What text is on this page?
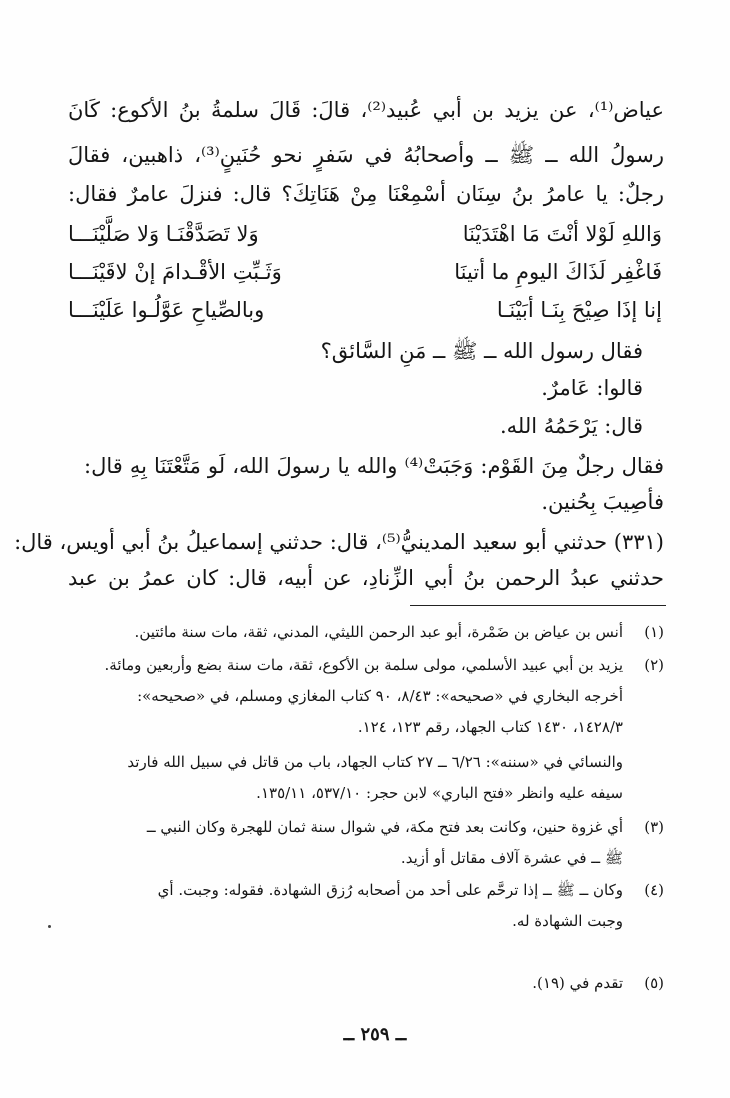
عياض⁽¹⁾، عن يزيد بن أبي عُبيد⁽²⁾، قالَ: قَالَ سلمةُ بنُ الأكوع: كَانَ
رسولُ الله ــ ﷺ ــ وأصحابُهُ في سَفرٍ نحو حُنَينٍ⁽³⁾، ذاهبين، فقالَ
رجلٌ: يا عامرُ بنُ سِنَان أسْمِعْنَا مِنْ هَنَاتِكَ؟ قال: فنزلَ عامرٌ فقال:
وَاللهِ لَوْلا أنْتَ مَا اهْتَدَيْنَا
وَلا تَصَدَّقْنَـا وَلا صَلَّيْنَـــا
فَاغْفِر لَذَاكَ اليومِ ما أتينَا
وَثَـبِّتِ الأقْـدامَ إنْ لاقَيْنَـــا
إنا إذَا صِيْحَ بِنَـا أبَيْنَـا
وبالصِّياحِ عَوَّلُـوا عَلَيْنَـــا
فقال رسول الله ــ ﷺ ــ مَنِ السَّائق؟
قالوا: عَامرٌ.
قال: يَرْحَمُهُ الله.
فقال رجلٌ مِنَ القَوْم: وَجَبَتْ⁽⁴⁾ والله يا رسولَ الله، لَو مَتَّعْتَنَا بِهِ قال:
فأصِيبَ بِحُنين.
(٣٣١) حدثني أبو سعيد المدينيُّ⁽⁵⁾، قال: حدثني إسماعيلُ بنُ أبي أويس، قال:
حدثني عبدُ الرحمن بنُ أبي الزِّنادِ، عن أبيه، قال: كان عمرُ بن عبد
(١)
أنس بن عياض بن ضَمْرة، أبو عبد الرحمن الليثي، المدني، ثقة، مات سنة مائتين.
(٢)
يزيد بن أبي عبيد الأسلمي، مولى سلمة بن الأكوع، ثقة، مات سنة بضع وأربعين ومائة.
أخرجه البخاري في «صحيحه»: ٨/٤٣، ٩٠ كتاب المغازي ومسلم، في «صحيحه»:
١٤٢٨/٣، ١٤٣٠ كتاب الجهاد، رقم ١٢٣، ١٢٤.
والنسائي في «سننه»: ٦/٢٦ ــ ٢٧ كتاب الجهاد، باب من قاتل في سبيل الله فارتد
سيفه عليه وانظر «فتح الباري» لابن حجر: ٥٣٧/١٠، ١٣٥/١١.
(٣)
أي غزوة حنين، وكانت بعد فتح مكة، في شوال سنة ثمان للهجرة وكان النبي ــ
ﷺ ــ في عشرة آلاف مقاتل أو أزيد.
(٤)
وكان ــ ﷺ ــ إذا ترحَّم على أحد من أصحابه رُزق الشهادة. فقوله: وجبت. أي
وجبت الشهادة له.
(٥)
تقدم في (١٩).
ــ ٢٥٩ ــ
